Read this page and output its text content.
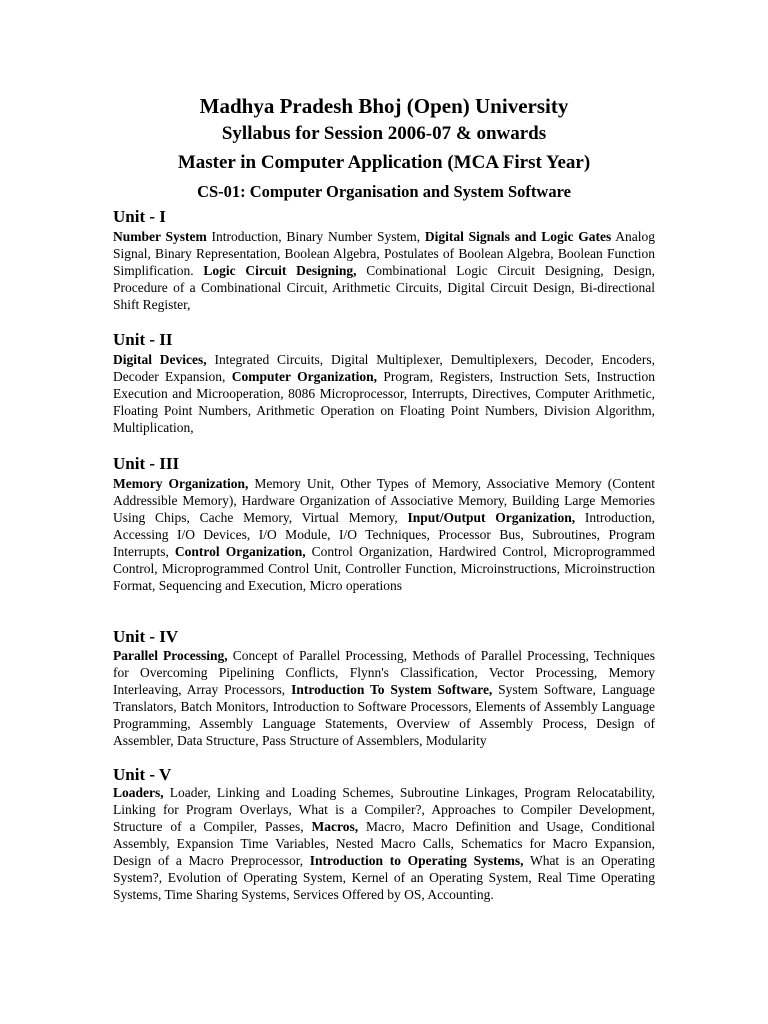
Madhya Pradesh Bhoj (Open) University
Syllabus for Session 2006-07 & onwards
Master in Computer Application (MCA First Year)
CS-01: Computer Organisation and System Software
Unit - I

Number System Introduction, Binary Number System, Digital Signals and Logic Gates Analog Signal, Binary Representation, Boolean Algebra, Postulates of Boolean Algebra, Boolean Function Simplification. Logic Circuit Designing, Combinational Logic Circuit Designing, Design, Procedure of a Combinational Circuit, Arithmetic Circuits, Digital Circuit Design, Bi-directional Shift Register,

Unit - II

Digital Devices, Integrated Circuits, Digital Multiplexer, Demultiplexers, Decoder, Encoders, Decoder Expansion, Computer Organization, Program, Registers, Instruction Sets, Instruction Execution and Microoperation, 8086 Microprocessor, Interrupts, Directives, Computer Arithmetic, Floating Point Numbers, Arithmetic Operation on Floating Point Numbers, Division Algorithm, Multiplication,

Unit - III

Memory Organization, Memory Unit, Other Types of Memory, Associative Memory (Content Addressible Memory), Hardware Organization of Associative Memory, Building Large Memories Using Chips, Cache Memory, Virtual Memory, Input/Output Organization, Introduction, Accessing I/O Devices, I/O Module, I/O Techniques, Processor Bus, Subroutines, Program Interrupts, Control Organization, Control Organization, Hardwired Control, Microprogrammed Control, Microprogrammed Control Unit, Controller Function, Microinstructions, Microinstruction Format, Sequencing and Execution, Micro operations

Unit - IV

Parallel Processing, Concept of Parallel Processing, Methods of Parallel Processing, Techniques for Overcoming Pipelining Conflicts, Flynn's Classification, Vector Processing, Memory Interleaving, Array Processors, Introduction To System Software, System Software, Language Translators, Batch Monitors, Introduction to Software Processors, Elements of Assembly Language Programming, Assembly Language Statements, Overview of Assembly Process, Design of Assembler, Data Structure, Pass Structure of Assemblers, Modularity

Unit - V

Loaders, Loader, Linking and Loading Schemes, Subroutine Linkages, Program Relocatability, Linking for Program Overlays, What is a Compiler?, Approaches to Compiler Development, Structure of a Compiler, Passes, Macros, Macro, Macro Definition and Usage, Conditional Assembly, Expansion Time Variables, Nested Macro Calls, Schematics for Macro Expansion, Design of a Macro Preprocessor, Introduction to Operating Systems, What is an Operating System?, Evolution of Operating System, Kernel of an Operating System, Real Time Operating Systems, Time Sharing Systems, Services Offered by OS, Accounting.
